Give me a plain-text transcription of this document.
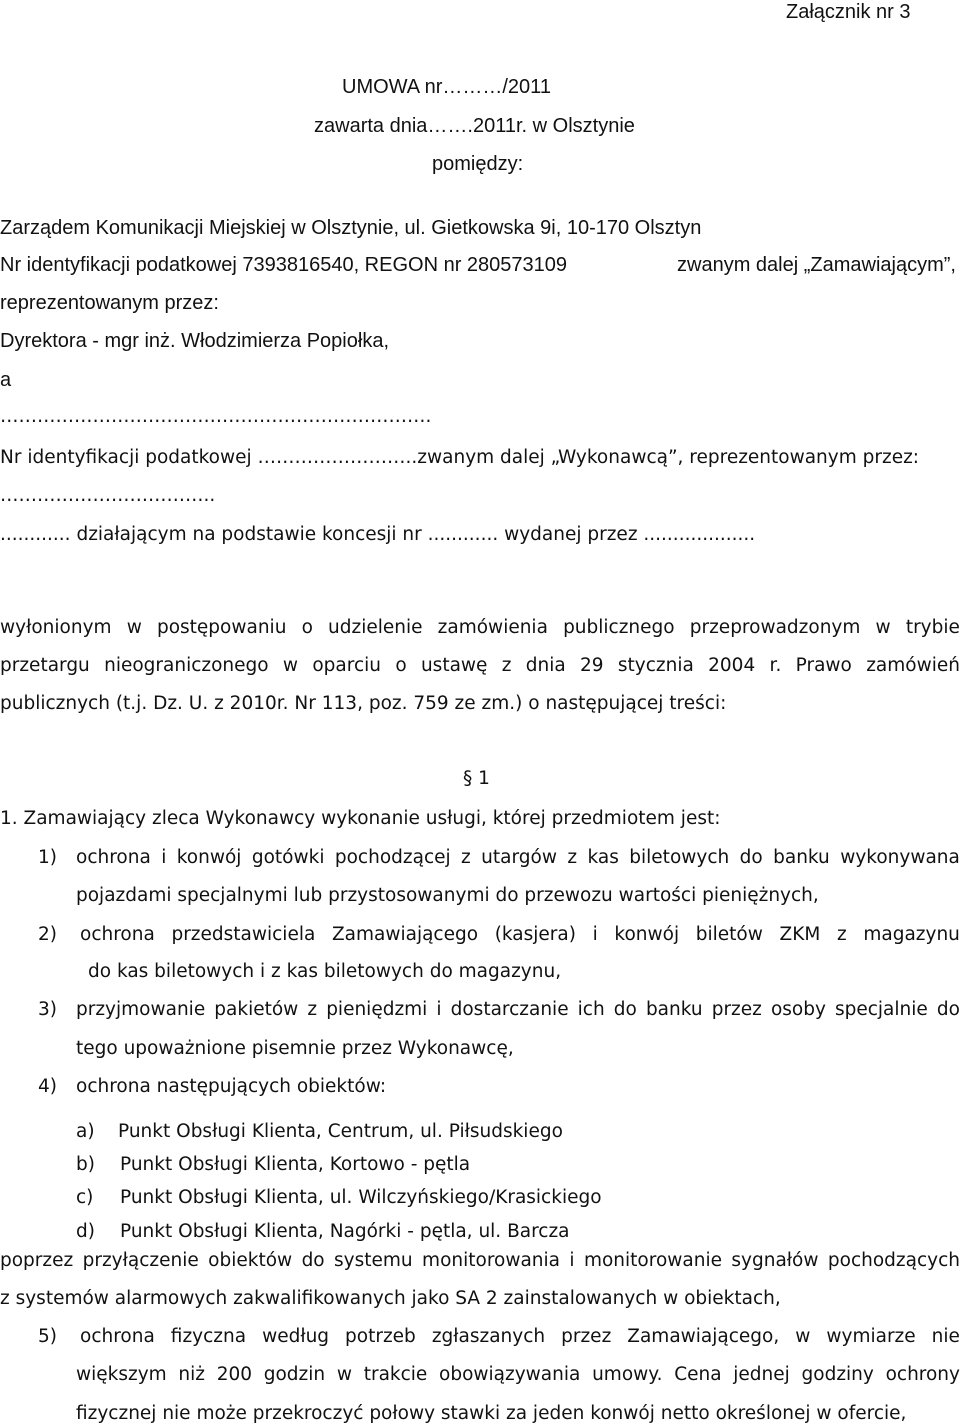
Załącznik nr 3
UMOWA nr………/2011
zawarta dnia…….2011r. w Olsztynie
pomiędzy:
Zarządem Komunikacji Miejskiej w Olsztynie, ul. Gietkowska 9i, 10-170 Olsztyn
Nr identyfikacji podatkowej 7393816540, REGON nr 280573109	zwanym dalej „Zamawiającym”,
reprezentowanym przez:
Dyrektora - mgr inż. Włodzimierza Popiołka,
a
…………………………………………………………….
Nr identyfikacji podatkowej ……………………..zwanym dalej „Wykonawcą”, reprezentowanym przez:
……………………………..
............ działającym na podstawie koncesji nr ............ wydanej przez ...................
wyłonionym w postępowaniu o udzielenie zamówienia publicznego przeprowadzonym w trybie
przetargu nieograniczonego w oparciu o ustawę z dnia 29 stycznia 2004 r. Prawo zamówień
publicznych (t.j. Dz. U. z 2010r. Nr 113, poz. 759 ze zm.) o następującej treści:
§ 1
1. Zamawiający zleca Wykonawcy wykonanie usługi, której przedmiotem jest:
1) ochrona i konwój gotówki pochodzącej z utargów z kas biletowych do banku wykonywana
pojazdami specjalnymi lub przystosowanymi do przewozu wartości pieniężnych,
2) ochrona przedstawiciela Zamawiającego (kasjera) i konwój biletów ZKM z magazynu
do kas biletowych i z kas biletowych do magazynu,
3) przyjmowanie pakietów z pieniędzmi i dostarczanie ich do banku przez osoby specjalnie do
tego upoważnione pisemnie przez Wykonawcę,
4) ochrona następujących obiektów:
a) Punkt Obsługi Klienta, Centrum, ul. Piłsudskiego
b) Punkt Obsługi Klienta, Kortowo - pętla
c) Punkt Obsługi Klienta, ul. Wilczyńskiego/Krasickiego
d) Punkt Obsługi Klienta, Nagórki - pętla, ul. Barcza
poprzez przyłączenie obiektów do systemu monitorowania i monitorowanie sygnałów pochodzących
z systemów alarmowych zakwalifikowanych jako SA 2 zainstalowanych w obiektach,
5) ochrona fizyczna według potrzeb zgłaszanych przez Zamawiającego, w wymiarze nie
większym niż 200 godzin w trakcie obowiązywania umowy. Cena jednej godziny ochrony
fizycznej nie może przekroczyć połowy stawki za jeden konwój netto określonej w ofercie,
